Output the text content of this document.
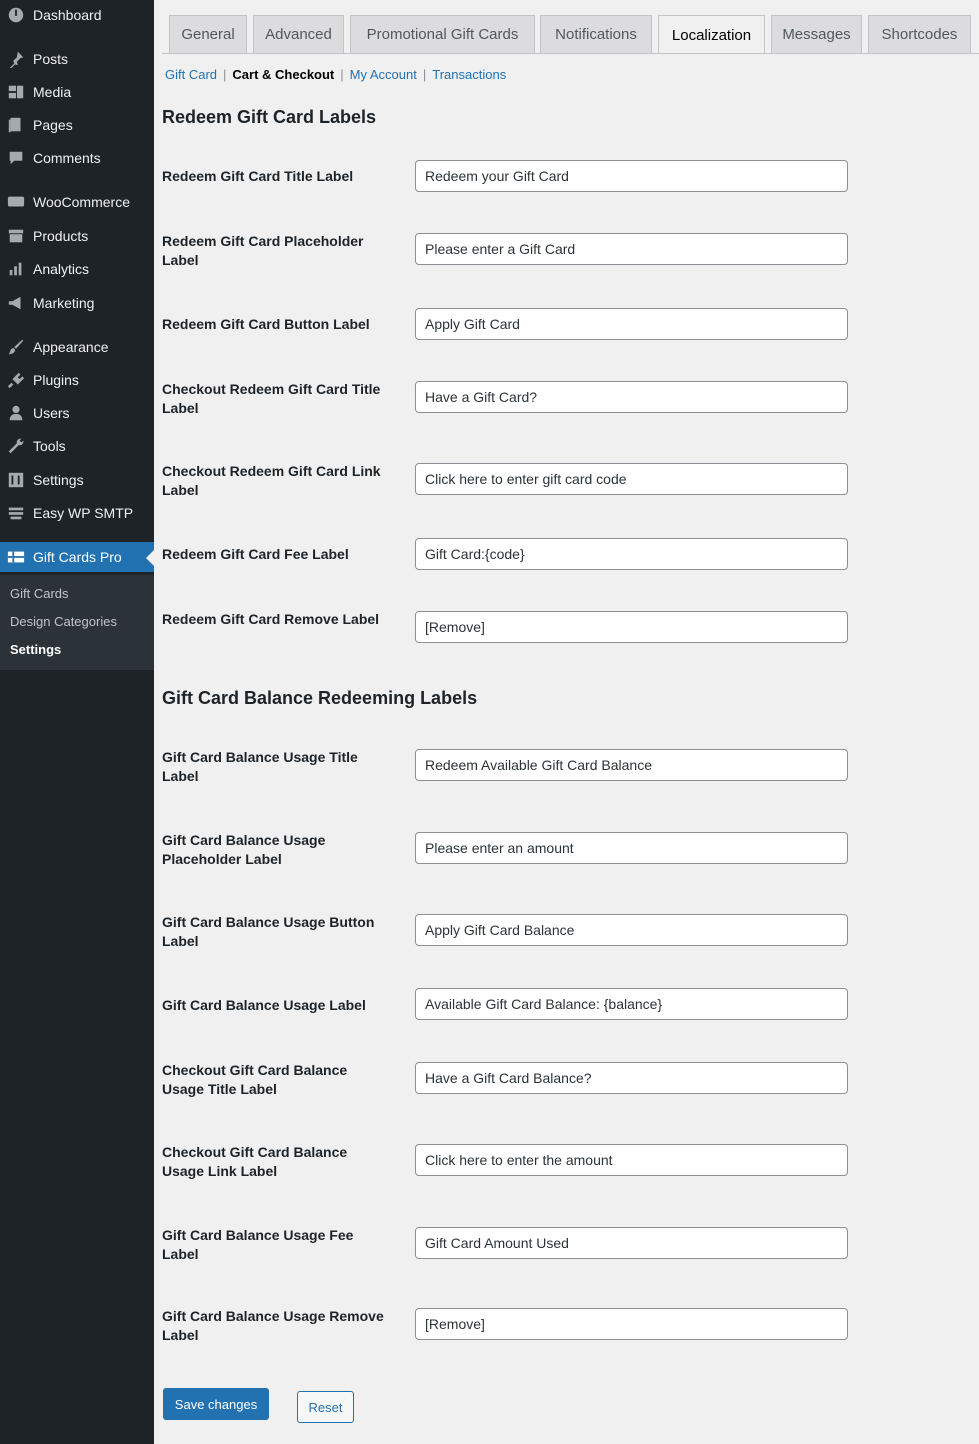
Dashboard
Posts
Media
Pages
Comments
WooCommerce
Products
Analytics
Marketing
Appearance
Plugins
Users
Tools
Settings
Easy WP SMTP
Gift Cards Pro
Gift Cards
Design Categories
Settings
General	Advanced	Promotional Gift Cards	Notifications	Localization	Messages	Shortcodes
Gift Card | Cart & Checkout | My Account | Transactions
Redeem Gift Card Labels
Redeem Gift Card Title Label
Redeem your Gift Card
Redeem Gift Card Placeholder Label
Please enter a Gift Card
Redeem Gift Card Button Label
Apply Gift Card
Checkout Redeem Gift Card Title Label
Have a Gift Card?
Checkout Redeem Gift Card Link Label
Click here to enter gift card code
Redeem Gift Card Fee Label
Gift Card:{code}
Redeem Gift Card Remove Label
[Remove]
Gift Card Balance Redeeming Labels
Gift Card Balance Usage Title Label
Redeem Available Gift Card Balance
Gift Card Balance Usage Placeholder Label
Please enter an amount
Gift Card Balance Usage Button Label
Apply Gift Card Balance
Gift Card Balance Usage Label
Available Gift Card Balance: {balance}
Checkout Gift Card Balance Usage Title Label
Have a Gift Card Balance?
Checkout Gift Card Balance Usage Link Label
Click here to enter the amount
Gift Card Balance Usage Fee Label
Gift Card Amount Used
Gift Card Balance Usage Remove Label
[Remove]
Save changes	Reset
